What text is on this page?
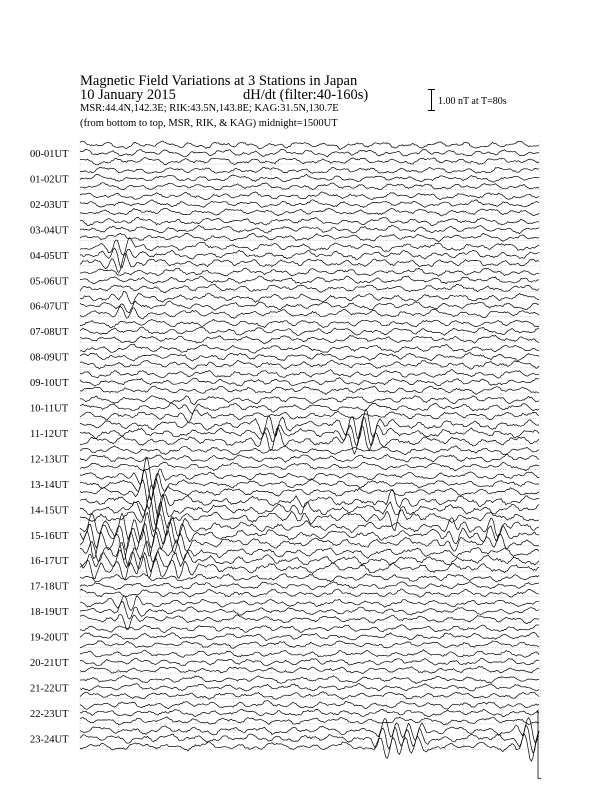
Magnetic Field Variations at 3 Stations in Japan
10 January 2015	dH/dt (filter:40-160s)
MSR:44.4N,142.3E; RIK:43.5N,143.8E; KAG:31.5N,130.7E
(from bottom to top, MSR, RIK, & KAG) midnight=1500UT
1.00 nT at T=80s
00-01UT
01-02UT
02-03UT
03-04UT
04-05UT
05-06UT
06-07UT
07-08UT
08-09UT
09-10UT
10-11UT
11-12UT
12-13UT
13-14UT
14-15UT
15-16UT
16-17UT
17-18UT
18-19UT
19-20UT
20-21UT
21-22UT
22-23UT
23-24UT
